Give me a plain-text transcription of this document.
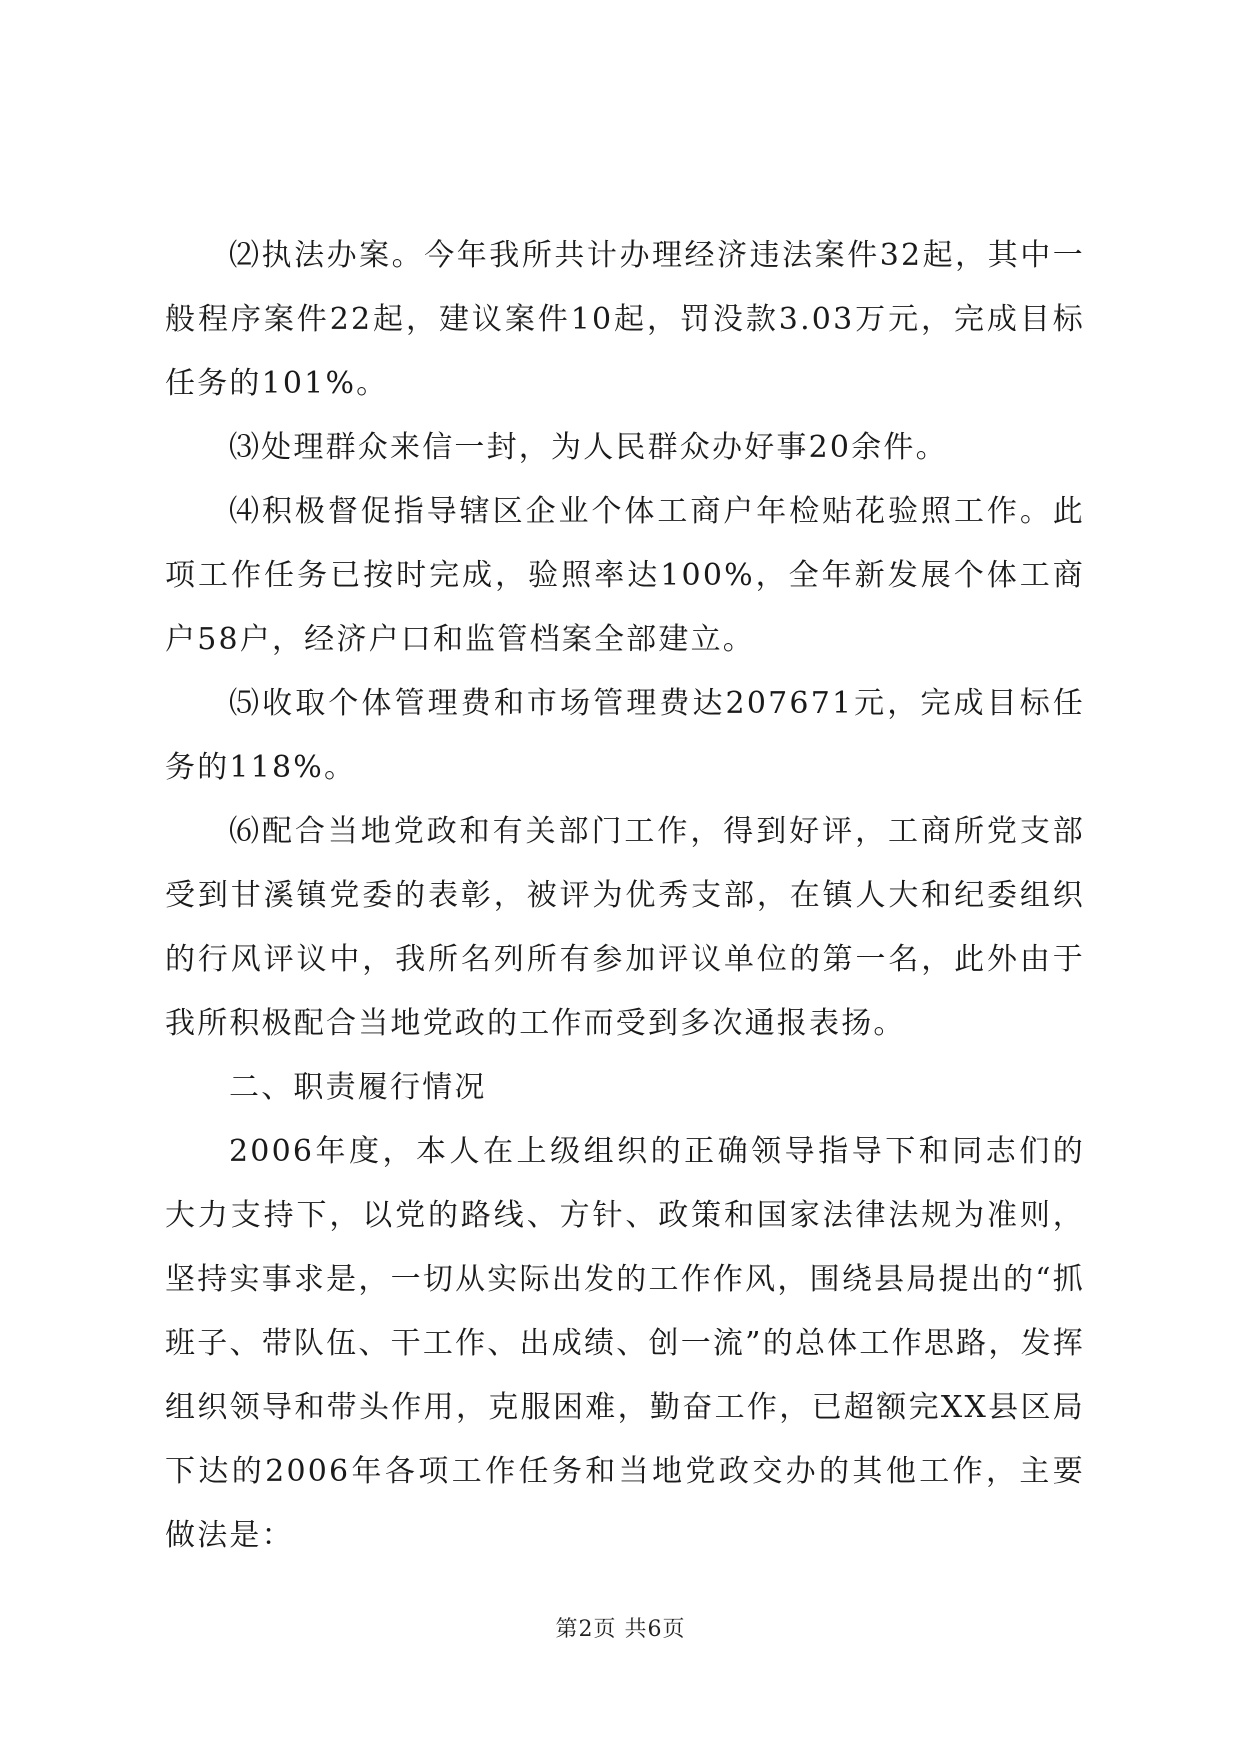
⑵执法办案。今年我所共计办理经济违法案件32起，其中一般程序案件22起，建议案件10起，罚没款3.03万元，完成目标任务的101%。

⑶处理群众来信一封，为人民群众办好事20余件。

⑷积极督促指导辖区企业个体工商户年检贴花验照工作。此项工作任务已按时完成，验照率达100%，全年新发展个体工商户58户，经济户口和监管档案全部建立。

⑸收取个体管理费和市场管理费达207671元，完成目标任务的118%。

⑹配合当地党政和有关部门工作，得到好评，工商所党支部受到甘溪镇党委的表彰，被评为优秀支部，在镇人大和纪委组织的行风评议中，我所名列所有参加评议单位的第一名，此外由于我所积极配合当地党政的工作而受到多次通报表扬。

二、职责履行情况

2006年度，本人在上级组织的正确领导指导下和同志们的大力支持下，以党的路线、方针、政策和国家法律法规为准则，坚持实事求是，一切从实际出发的工作作风，围绕县局提出的“抓班子、带队伍、干工作、出成绩、创一流”的总体工作思路，发挥组织领导和带头作用，克服困难，勤奋工作，已超额完XX县区局下达的2006年各项工作任务和当地党政交办的其他工作，主要做法是：

第2页 共6页
